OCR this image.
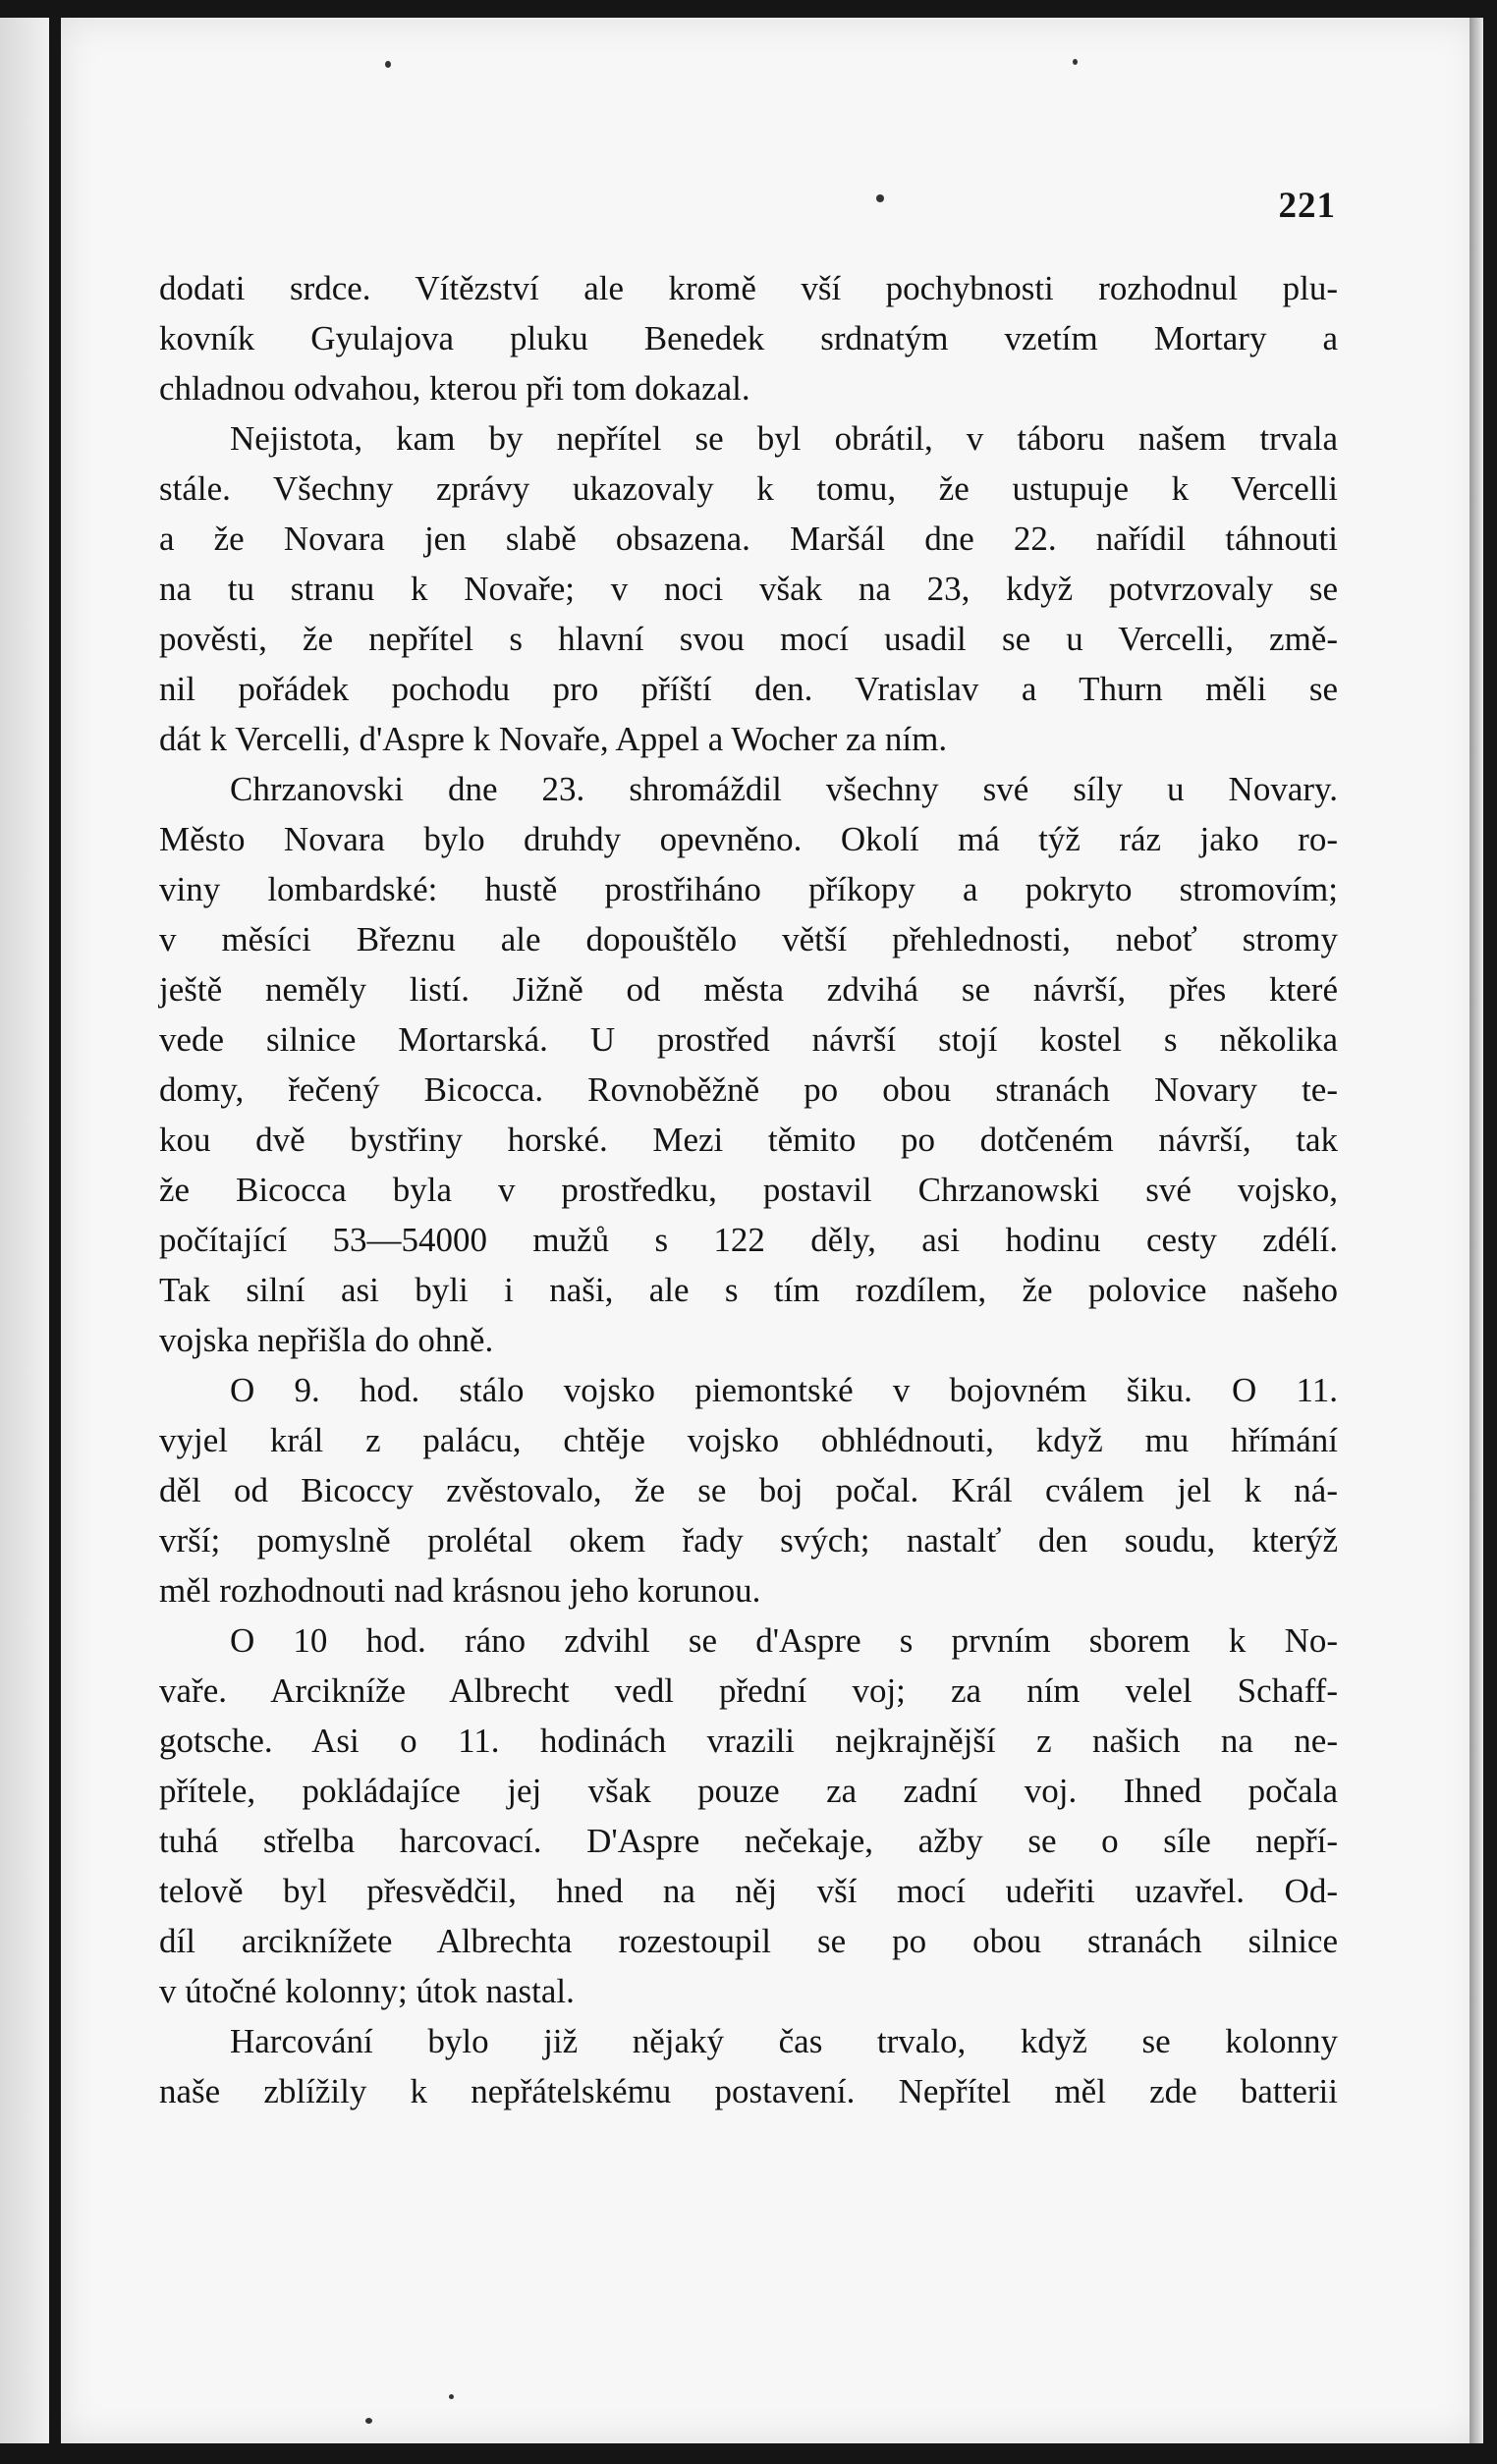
221
dodati srdce. Vítězství ale kromě vší pochybnosti rozhodnul plu-
kovník Gyulajova pluku Benedek srdnatým vzetím Mortary a
chladnou odvahou, kterou při tom dokazal.
Nejistota, kam by nepřítel se byl obrátil, v táboru našem trvala
stále. Všechny zprávy ukazovaly k tomu, že ustupuje k Vercelli
a že Novara jen slabě obsazena. Maršál dne 22. nařídil táhnouti
na tu stranu k Novaře; v noci však na 23, když potvrzovaly se
pověsti, že nepřítel s hlavní svou mocí usadil se u Vercelli, změ-
nil pořádek pochodu pro příští den. Vratislav a Thurn měli se
dát k Vercelli, d'Aspre k Novaře, Appel a Wocher za ním.
Chrzanovski dne 23. shromáždil všechny své síly u Novary.
Město Novara bylo druhdy opevněno. Okolí má týž ráz jako ro-
viny lombardské: hustě prostřiháno příkopy a pokryto stromovím;
v měsíci Březnu ale dopouštělo větší přehlednosti, neboť stromy
ještě neměly listí. Jižně od města zdvihá se návrší, přes které
vede silnice Mortarská. U prostřed návrší stojí kostel s několika
domy, řečený Bicocca. Rovnoběžně po obou stranách Novary te-
kou dvě bystřiny horské. Mezi těmito po dotčeném návrší, tak
že Bicocca byla v prostředku, postavil Chrzanowski své vojsko,
počítající 53—54000 mužů s 122 děly, asi hodinu cesty zdélí.
Tak silní asi byli i naši, ale s tím rozdílem, že polovice našeho
vojska nepřišla do ohně.
O 9. hod. stálo vojsko piemontské v bojovném šiku. O 11.
vyjel král z palácu, chtěje vojsko obhlédnouti, když mu hřímání
děl od Bicoccy zvěstovalo, že se boj počal. Král cválem jel k ná-
vrší; pomyslně prolétal okem řady svých; nastalť den soudu, kterýž
měl rozhodnouti nad krásnou jeho korunou.
O 10 hod. ráno zdvihl se d'Aspre s prvním sborem k No-
vaře. Arcikníže Albrecht vedl přední voj; za ním velel Schaff-
gotsche. Asi o 11. hodinách vrazili nejkrajnější z našich na ne-
přítele, pokládajíce jej však pouze za zadní voj. Ihned počala
tuhá střelba harcovací. D'Aspre nečekaje, ažby se o síle nepří-
telově byl přesvědčil, hned na něj vší mocí udeřiti uzavřel. Od-
díl arciknížete Albrechta rozestoupil se po obou stranách silnice
v útočné kolonny; útok nastal.
Harcování bylo již nějaký čas trvalo, když se kolonny
naše zblížily k nepřátelskému postavení. Nepřítel měl zde batterii
